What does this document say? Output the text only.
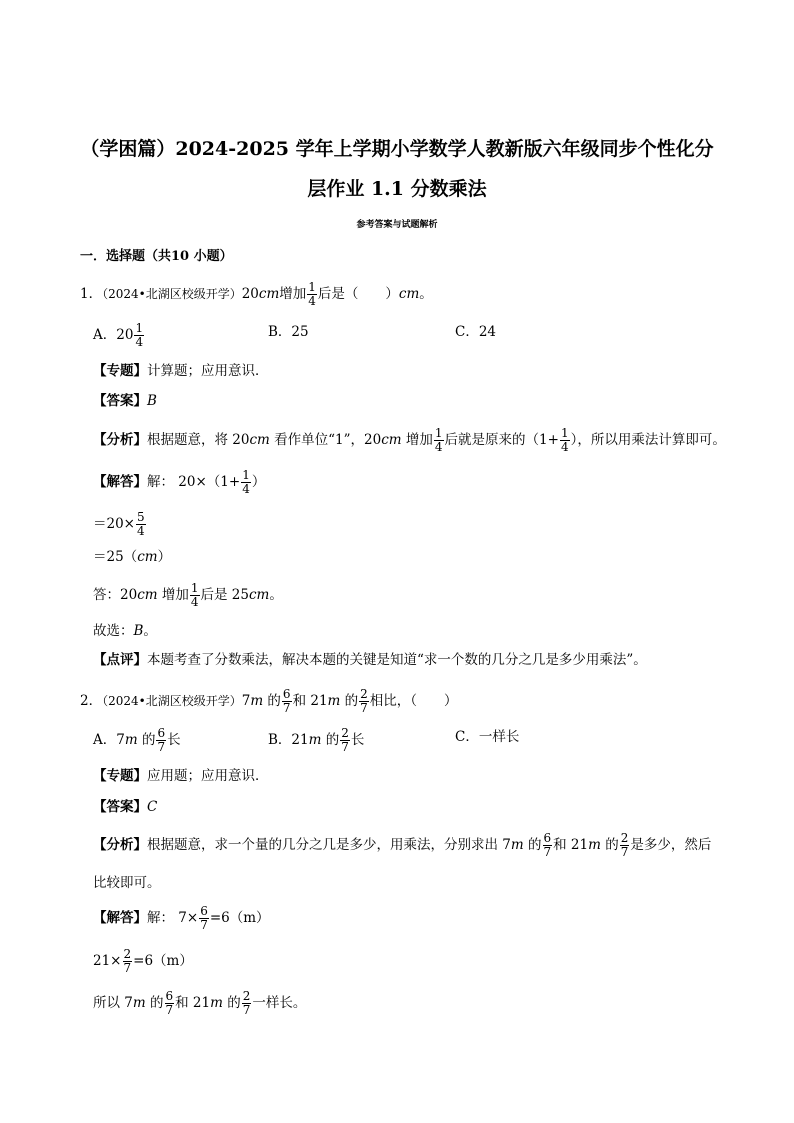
（学困篇）2024-2025 学年上学期小学数学人教新版六年级同步个性化分
层作业 1.1 分数乘法
参考答案与试题解析
一．选择题（共10 小题）
1．（2024•北湖区校级开学）20cm增加 $\frac{1}{4}$ 后是（　　）cm。
A．$20 \frac{1}{4}$	B．25	C．24
【专题】计算题；应用意识．
【答案】B
【分析】根据题意，将 20cm 看作单位“1”，20cm 增加 $\frac{1}{4}$ 后就是原来的（$1+ \frac{1}{4}$ ），所以用乘法计算即可。
【解答】解： $20\times(1+ \frac{1}{4}$ ）
$=20\times \frac{5}{4}$
＝25（cm）
答：20cm 增加 $\frac{1}{4}$ 后是 25cm。
故选：B。
【点评】本题考查了分数乘法，解决本题的关键是知道“求一个数的几分之几是多少用乘法”。
2．（2024•北湖区校级开学）7m 的 $\frac{6}{7}$ 和 21m 的 $\frac{2}{7}$ 相比，（　　）
A．7m 的 $\frac{6}{7}$ 长	B．21m 的 $\frac{2}{7}$ 长	C．一样长
【专题】应用题；应用意识．
【答案】C
【分析】根据题意，求一个量的几分之几是多少，用乘法，分别求出 7m 的 $\frac{6}{7}$ 和 21m 的 $\frac{2}{7}$ 是多少，然后
比较即可。
【解答】解： $7\times \frac{6}{7} =6(m)$
$21\times \frac{2}{7} =6(m)$
所以 7m 的 $\frac{6}{7}$ 和 21m 的 $\frac{2}{7}$ 一样长。
